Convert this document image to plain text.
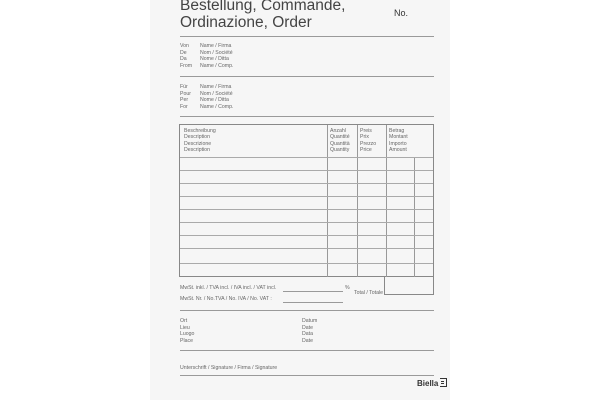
Bestellung, Commande,
Ordinazione, Order
No.
Von
De
Da
From
Name / Firma
Nom / Société
Nome / Ditta
Name / Comp.
Für
Pour
Per
For
Name / Firma
Nom / Société
Nome / Ditta
Name / Comp.
Beschreibung
Description
Descrizione
Description
Anzahl
Quantité
Quantità
Quantity
Preis
Prix
Prezzo
Price
Betrag
Montant
Importo
Amount
MwSt. inkl. / TVA incl. / IVA incl. / VAT incl.	%
MwSt. Nr. / No.TVA / No. IVA / No. VAT :
Total / Totale
Ort
Lieu
Luogo
Place
Datum
Date
Data
Date
Unterschrift / Signature / Firma / Signature
Biella
